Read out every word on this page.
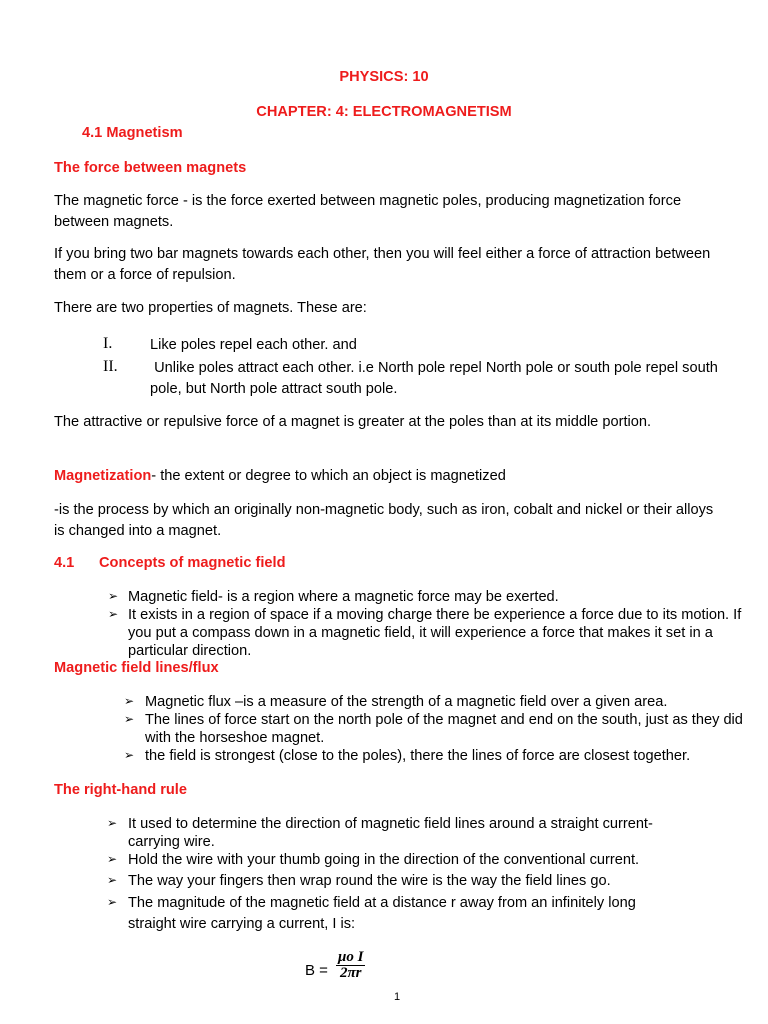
PHYSICS: 10
CHAPTER: 4: ELECTROMAGNETISM
4.1 Magnetism
The force between magnets
The magnetic force - is the force exerted between magnetic poles, producing magnetization force between magnets.
If you bring two bar magnets towards each other, then you will feel either a force of attraction between them or a force of repulsion.
There are two properties of magnets. These are:
I.	Like poles repel each other. and
II. Unlike poles attract each other. i.e North pole repel North pole or south pole repel south pole, but North pole attract south pole.
The attractive or repulsive force of a magnet is greater at the poles than at its middle portion.
Magnetization- the extent or degree to which an object is magnetized
-is the process by which an originally non-magnetic body, such as iron, cobalt and nickel or their alloys is changed into a magnet.
4.1 Concepts of magnetic field
➢ Magnetic field- is a region where a magnetic force may be exerted.
➢ It exists in a region of space if a moving charge there be experience a force due to its motion. If you put a compass down in a magnetic field, it will experience a force that makes it set in a particular direction.
Magnetic field lines/flux
➢ Magnetic flux –is a measure of the strength of a magnetic field over a given area.
➢ The lines of force start on the north pole of the magnet and end on the south, just as they did with the horseshoe magnet.
➢ the field is strongest (close to the poles), there the lines of force are closest together.
The right-hand rule
➢ It used to determine the direction of magnetic field lines around a straight current-carrying wire.
➢ Hold the wire with your thumb going in the direction of the conventional current.
➢ The way your fingers then wrap round the wire is the way the field lines go.
➢ The magnitude of the magnetic field at a distance r away from an infinitely long straight wire carrying a current, I is:
$B = \frac{\text{μo I}}{2\pi r}$
1
